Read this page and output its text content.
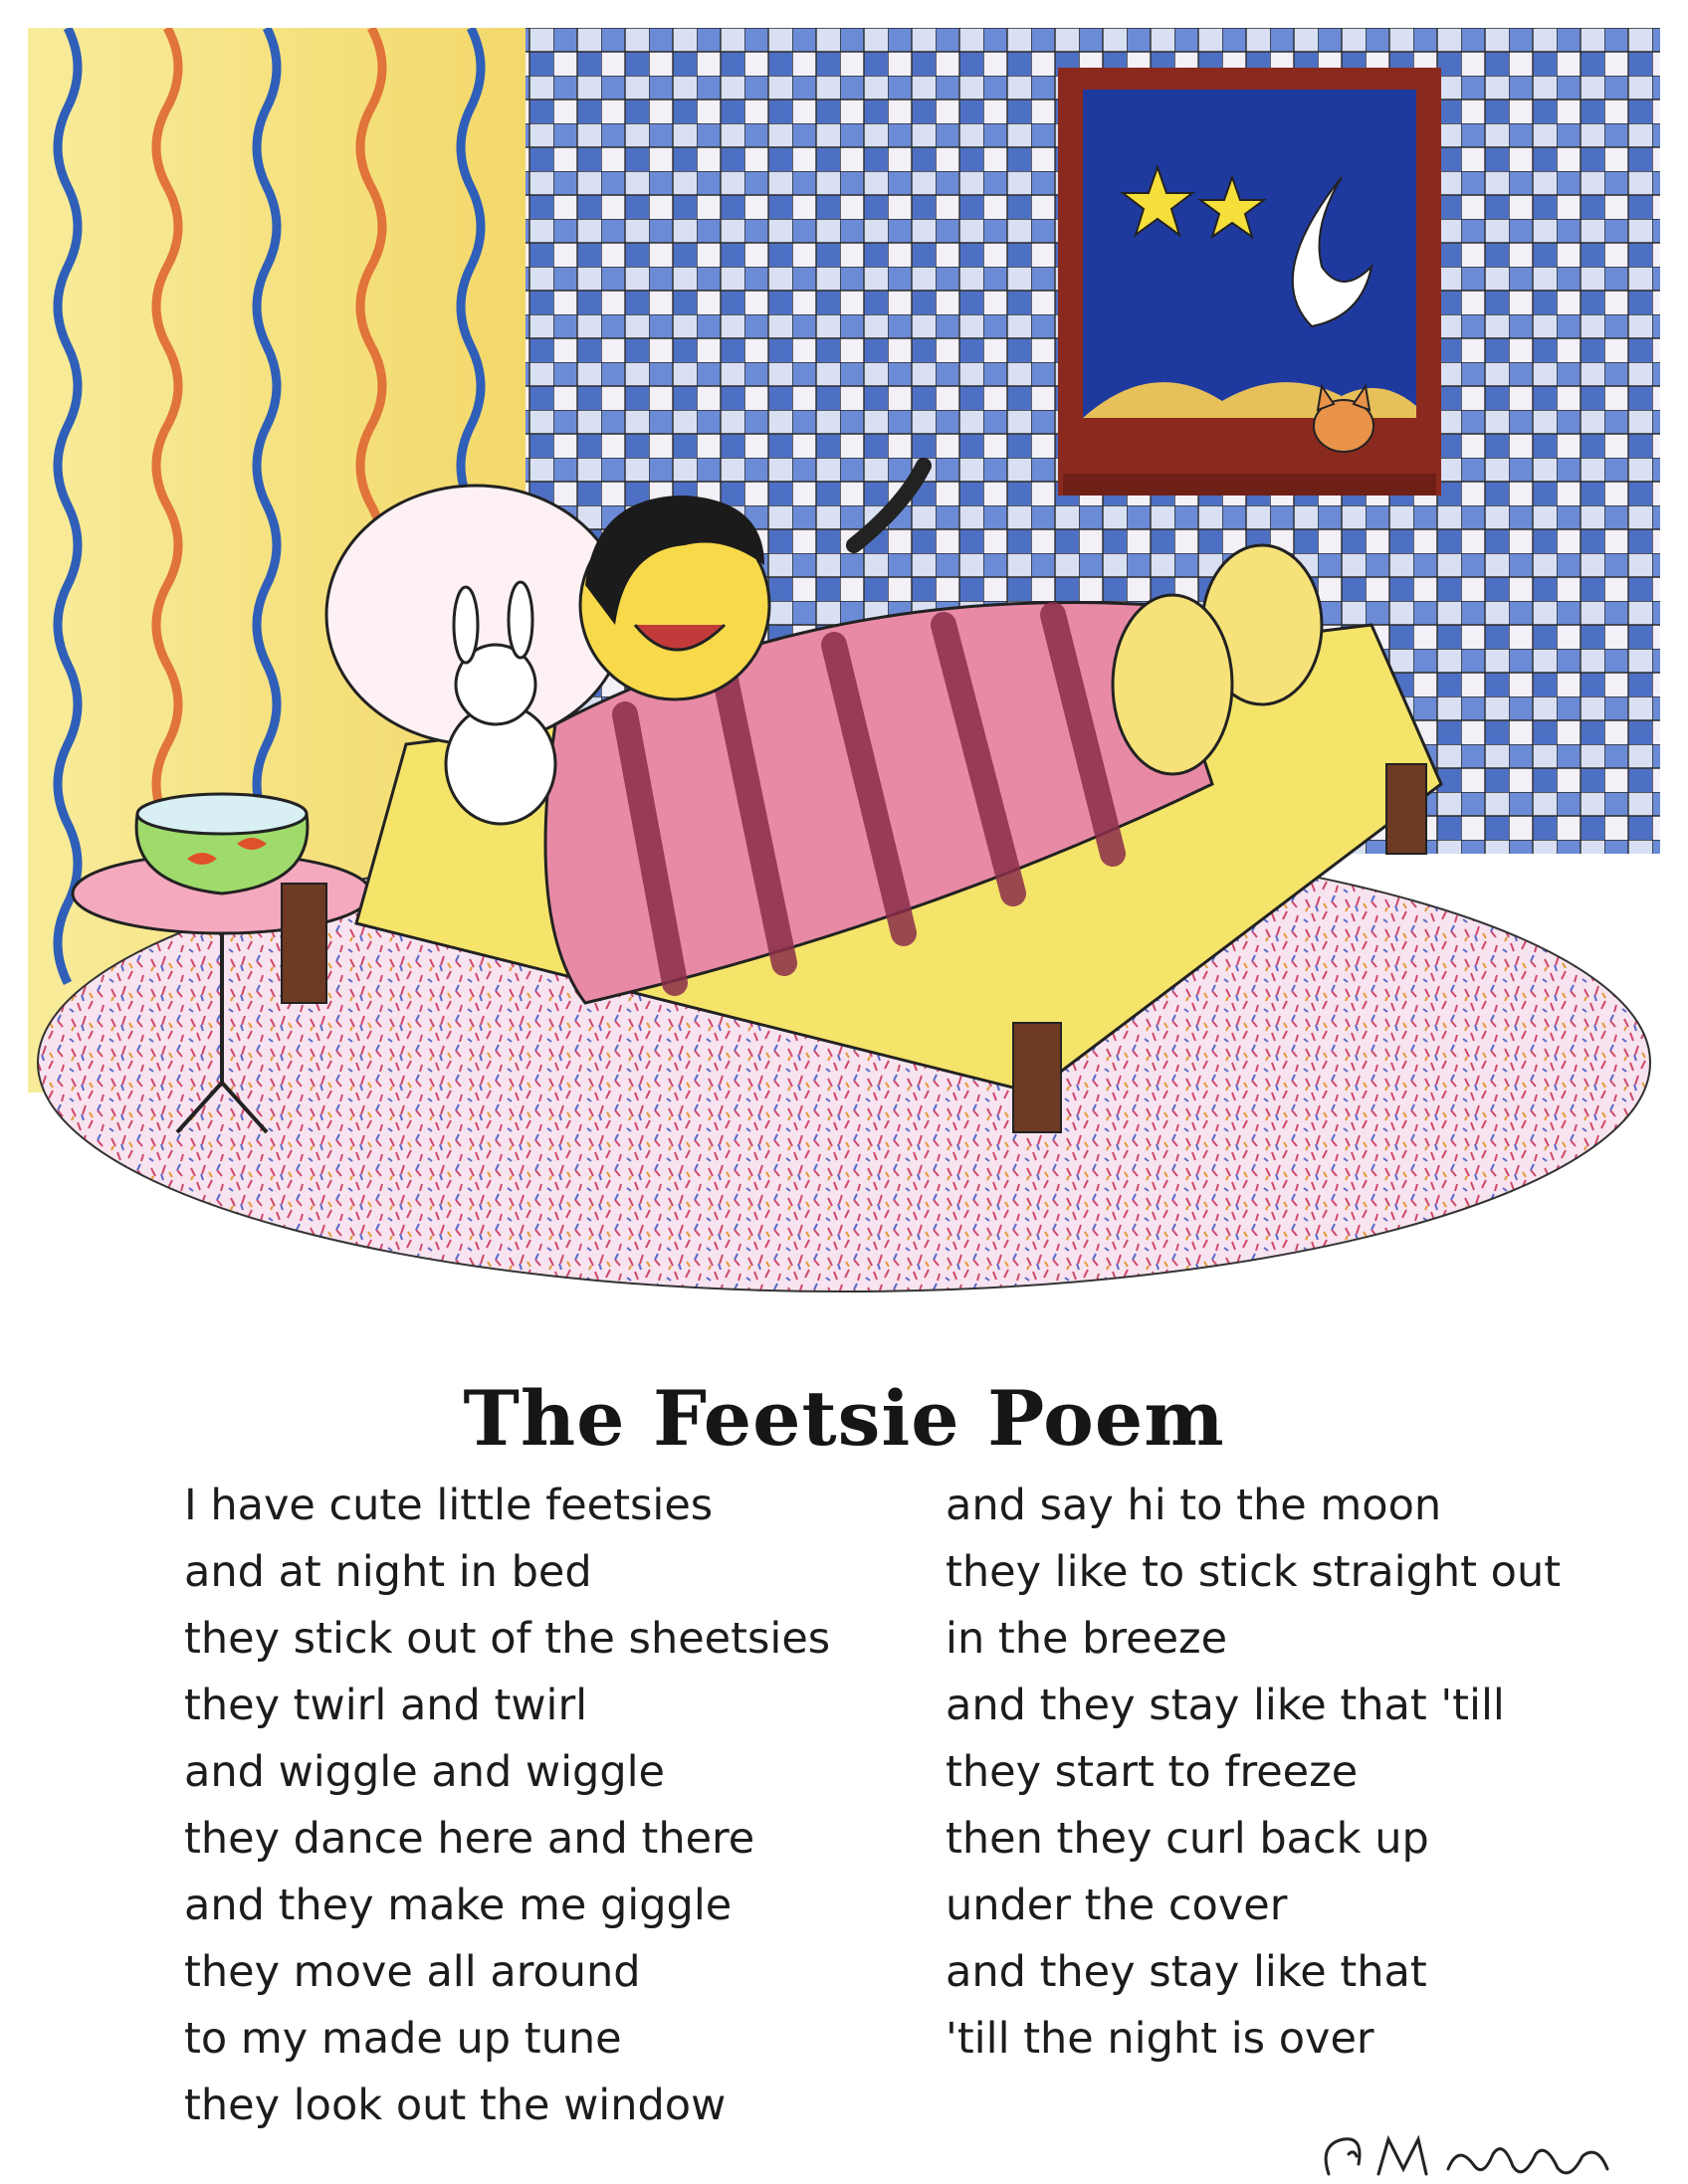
The Feetsie Poem
I have cute little feetsies
and at night in bed
they stick out of the sheetsies
they twirl and twirl
and wiggle and wiggle
they dance here and there
and they make me giggle
they move all around
to my made up tune
they look out the window
and say hi to the moon
they like to stick straight out
in the breeze
and they stay like that 'till
they start to freeze
then they curl back up
under the cover
and they stay like that
'till the night is over
